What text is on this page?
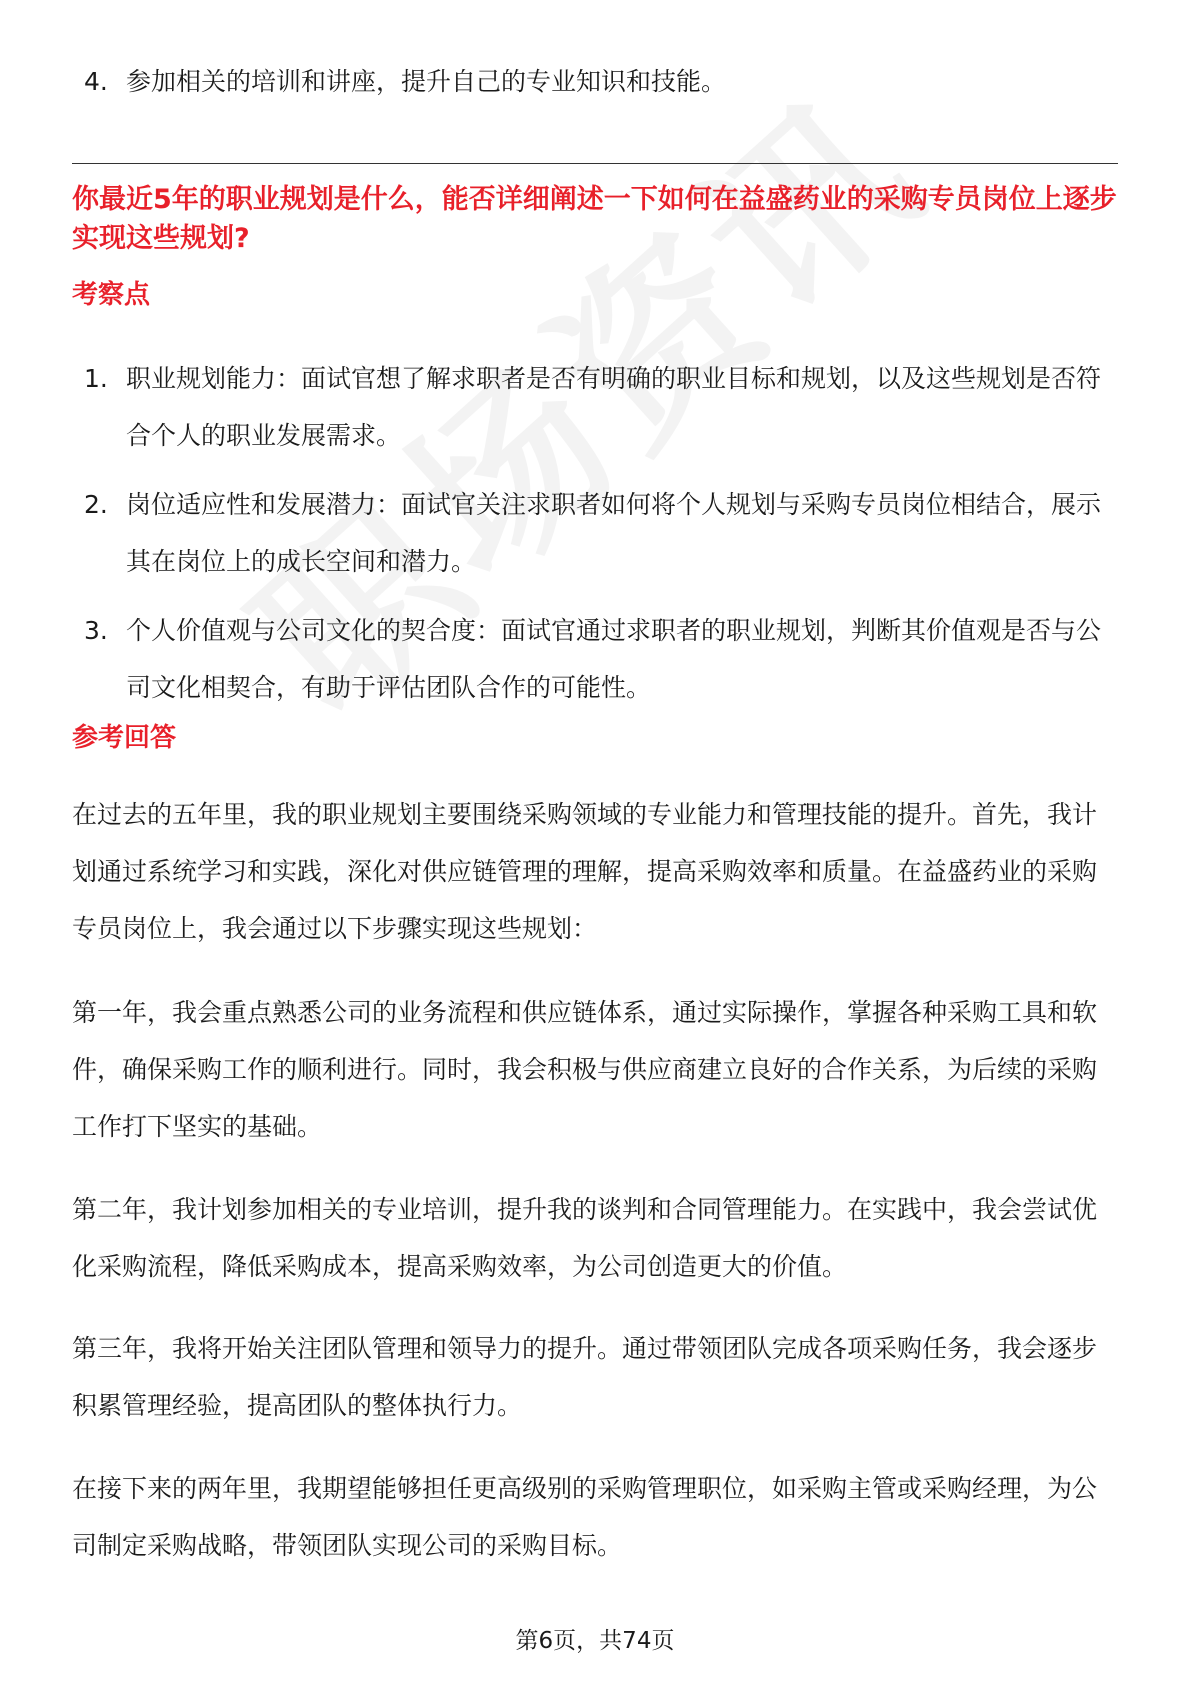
4. 参加相关的培训和讲座，提升自己的专业知识和技能。
你最近5年的职业规划是什么，能否详细阐述一下如何在益盛药业的采购专员岗位上逐步实现这些规划?
考察点
1. 职业规划能力：面试官想了解求职者是否有明确的职业目标和规划，以及这些规划是否符合个人的职业发展需求。
2. 岗位适应性和发展潜力：面试官关注求职者如何将个人规划与采购专员岗位相结合，展示其在岗位上的成长空间和潜力。
3. 个人价值观与公司文化的契合度：面试官通过求职者的职业规划，判断其价值观是否与公司文化相契合，有助于评估团队合作的可能性。
参考回答
在过去的五年里，我的职业规划主要围绕采购领域的专业能力和管理技能的提升。首先，我计划通过系统学习和实践，深化对供应链管理的理解，提高采购效率和质量。在益盛药业的采购专员岗位上，我会通过以下步骤实现这些规划：
第一年，我会重点熟悉公司的业务流程和供应链体系，通过实际操作，掌握各种采购工具和软件，确保采购工作的顺利进行。同时，我会积极与供应商建立良好的合作关系，为后续的采购工作打下坚实的基础。
第二年，我计划参加相关的专业培训，提升我的谈判和合同管理能力。在实践中，我会尝试优化采购流程，降低采购成本，提高采购效率，为公司创造更大的价值。
第三年，我将开始关注团队管理和领导力的提升。通过带领团队完成各项采购任务，我会逐步积累管理经验，提高团队的整体执行力。
在接下来的两年里，我期望能够担任更高级别的采购管理职位，如采购主管或采购经理，为公司制定采购战略，带领团队实现公司的采购目标。
第6页，共74页
